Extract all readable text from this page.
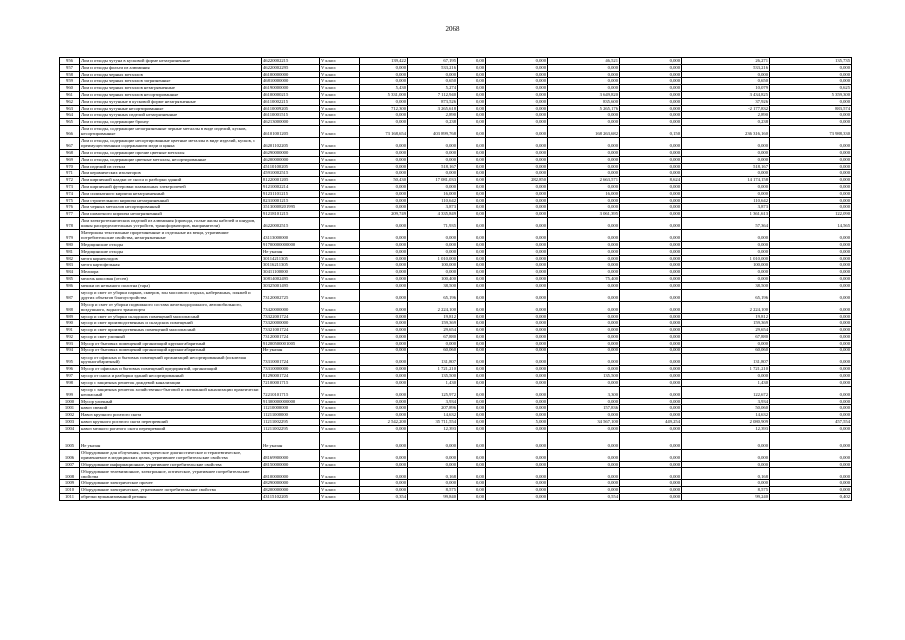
2068
956	Лом и отходы чугуна в кусковой форме незагрязненные	46220002215	V класс	139,422	67,195	0,00	0,000	46,521	0,000	26,271	135,735
957	Лом и отходы фольги из алюминия	46220002295	V класс	0,000	533,216	0,00	0,000	0,000	0,000	533,216	0,000
958	Лом и отходы черных металлов	46100000000	V класс	0,000	0,000	0,00	0,000	0,000	0,000	0,000	0,000
959	Лом и отходы черных металлов загрязненные	46810000000	V класс	0,000	0,650	0,00	0,000	0,000	0,000	0,650	0,000
960	Лом и отходы черных металлов незагрязненные	46190000000	V класс	5,430	5,274	0,00	0,000	0,000	0,000	10,079	0,625
961	Лом и отходы черных металлов несортированные	46100000215	V класс	5 331,000	7 112,940	0,00	0,000	3 649,820	0,000	3 434,825	5 359,300
962	Лом и отходы чугунные в кусковой форме незагрязненные	46110002215	V класс	0,000	873,526	0,00	0,000	835,600	0,000	37,926	0,000
963	Лом и отходы чугунные несортированные	46110009205	V класс	712,300	3 265,618	0,00	0,000	5 265,176	0,000	-2 177,832	883,574
964	Лом и отходы чугунных изделий незагрязненные	46110001515	V класс	0,000	2,890	0,00	0,000	0,000	0,000	2,890	0,000
965	Лом и отходы, содержащие бронзу	46213000000	V класс	0,000	0,238	0,00	0,000	0,000	0,000	0,238	0,000
966	Лом и отходы, содержащие незагрязненные черные металлы в виде изделий, кусков, несортированные	46101001205	V класс	73 168,654	403 899,768	0,00	0,000	168 263,682	0,150	236 316,160	73 988,330
967	Лом и отходы, содержащие несортированные цветные металлы в виде изделий, кусков, с преимущественным содержанием меди и цинка	46201102205	V класс	0,000	0,000	0,00	0,000	0,000	0,000	0,000	0,000
968	Лом и отходы, содержащие прочие цветные металлы	46290000000	V класс	0,000	0,000	0,00	0,000	0,000	0,000	0,000	0,000
969	Лом и отходы, содержащие цветные металлы, несортированные	46200000000	V класс	0,000	0,000	0,00	0,000	0,000	0,000	0,000	0,000
970	Лом изделий из стекла	45110100205	V класс	0,000	518,167	0,00	0,000	0,000	0,000	518,167	0,000
971	Лом керамических изоляторов	45910002515	V класс	0,000	0,000	0,00	0,000	0,000	0,000	0,000	0,000
972	Лом кирпичной кладки от сноса и разборки зданий	81220001205	V класс	50,430	17 081,033	0,00	282,850	2 663,571	8,624	14 174,158	0,000
973	Лом кирпичной футеровки плавильных электропечей	91210002214	V класс	0,000	0,000	0,00	0,000	0,000	0,000	0,000	0,000
974	Лом силикатного кирпича незагрязненный	91231101215	V класс	0,000	16,000	0,00	0,000	16,000	0,000	0,000	0,000
975	Лом строительного кирпича незагрязненный	82310001215	V класс	0,000	110,642	0,00	0,000	0,000	0,000	110,642	0,000
976	Лом черных металлов несортированный	35130008201995	V класс	0,000	3,873	0,00	0,000	0,000	0,000	3,873	0,000
977	Лом шамотного кирпича незагрязненный	91218101215	V класс	209,749	4 335,849	0,00	0,000	3 061,395	0,000	1 361,613	122,090
978	Лом электротехнических изделий из алюминия (провода, голые жилы кабелей и шнуров, шины распределительных устройств, трансформаторов, выпрямители)	46220002515	V класс	0,000	71,935	0,00	0,000	0,000	0,000	57,364	14,565
979	Материалы текстильные прорезиненные и отдельные их вещи, утратившие потребительские свойства, незагрязненные	43113000000	V класс	0,000	0,000	0,00	0,000	0,000	0,000	0,000	0,000
980	Медицинские отходы	91700000000000	V класс	0,000	0,000	0,00	0,000	0,000	0,000	0,000	0,000
981	Медицинские отходы	Не указан	V класс	0,000	0,000	0,00	0,000	0,000	0,000	0,000	0,000
982	мезга корнеплодов	30114211305	V класс	0,000	1 010,000	0,00	0,000	0,000	0,000	1 010,000	0,000
983	мезга картофельная	30116211305	V класс	0,000	100,000	0,00	0,000	0,000	0,000	100,000	0,000
984	Мелиора	30411100000	V класс	0,000	0,000	0,00	0,000	0,000	0,000	0,000	0,000
985	мелочь коксовая (отсев)	30814002495	V класс	0,000	100,400	0,00	0,000	75,400	0,000	0,000	0,000
986	мешки из нетканого полотна (тара)	30325001495	V класс	0,000	38,500	0,00	0,000	0,000	0,000	38,500	0,000
987	мусор и смет от уборки парков, скверов, зон массового отдыха, набережных, пляжей и других объектов благоустройства	73120002725	V класс	0,000	65,196	0,00	0,000	0,000	0,000	65,196	0,000
988	Мусор и смет от уборки подвижного состава железнодорожного, автомобильного, воздушного, водного транспорта	73420000000	V класс	0,000	2 224,100	0,00	0,000	0,000	0,000	2 224,100	0,000
989	мусор и смет от уборки складских помещений малоопасный	73322001724	V класс	0,000	19,812	0,00	0,000	0,000	0,000	19,812	0,000
990	мусор и смет производственных и складских помещений	73320000000	V класс	0,000	159,369	0,00	0,000	0,000	0,000	159,369	0,000
991	мусор и смет производственных помещений малоопасный	73321001724	V класс	0,000	29,654	0,00	0,000	0,000	0,000	29,654	0,000
992	мусор и смет уличный	73120001724	V класс	0,000	67,880	0,00	0,000	0,000	0,000	67,880	0,000
993	Мусор от бытовых помещений организаций крупногабаритный	91200500001005	V класс	0,000	0,000	0,00	0,000	0,000	0,000	0,000	0,000
994	Мусор от бытовых помещений организаций крупногабаритный	Не указан	V класс	0,000	60,060	0,00	0,000	0,000	0,000	60,060	0,000
995	мусор от офисных и бытовых помещений организаций несортированный (исключая крупногабаритный)	73310001724	V класс	0,000	131,807	0,00	0,000	0,000	0,000	131,807	0,000
996	Мусор от офисных и бытовых помещений предприятий, организаций	73310000000	V класс	0,000	1 721,210	0,00	0,000	0,000	0,000	1 721,210	0,000
997	мусор от сноса и разборки зданий несортированный	81290001724	V класс	0,000	135,500	0,00	0,000	135,500	0,000	0,000	0,000
998	мусор с защитных решеток дождевой канализации	72100001715	V класс	0,000	1,430	0,00	0,000	0,000	0,000	1,430	0,000
999	мусор с защитных решеток хозяйственно-бытовой и смешанной канализации практически неопасный	72210101715	V класс	0,000	125,972	0,00	0,000	3,300	0,000	122,672	0,000
1000	Мусор уличный	91300000000000	V класс	0,000	3,934	0,00	0,000	0,000	0,000	3,934	0,000
1001	навоз свежий	11210000000	V класс	0,000	207,896	0,00	0,000	157,836	0,000	50,060	0,000
1002	Навоз крупного рогатого скота	11211000000	V класс	0,000	14,632	0,00	0,000	0,000	0,000	14,632	0,000
1003	навоз крупного рогатого скота перепревший	11211002295	V класс	2 542,200	35 711,554	0,00	5,000	34 567,100	449,254	2 080,909	457,554
1004	навоз мелкого рогатого скота перепревший	11211002295	V класс	0,000	12,393	0,00	0,000	0,000	0,000	12,393	0,000
1005	Не указан	Не указан	V класс	0,000	0,000	0,00	0,000	0,000	0,000	0,000	0,000
1006	Оборудование для облучения, электрическое диагностическое и терапевтическое, применяемое в медицинских целях, утратившее потребительские свойства	48169900000	V класс	0,000	0,000	0,00	0,000	0,000	0,000	0,000	0,000
1007	Оборудование информационное, утратившее потребительские свойства	48150000000	V класс	0,000	0,000	0,00	0,000	0,000	0,000	0,000	0,000
1008	Оборудование телевизионное, электронное, оптическое, утратившее потребительские свойства	48100000000	V класс	0,000	0,168	0,00	0,000	0,000	0,000	0,168	0,000
1009	Оборудование электрическое прочее	48290000000	V класс	0,000	0,000	0,00	0,000	0,000	0,000	0,000	0,000
1010	Оборудование электрическое, утратившее потребительские свойства	48200000000	V класс	0,000	8,575	0,00	0,000	0,000	0,000	8,575	0,000
1011	обрезки вулканизованной резины	43115102205	V класс	0,354	99,840	0,00	0,000	0,554	0,000	99,240	0,402
